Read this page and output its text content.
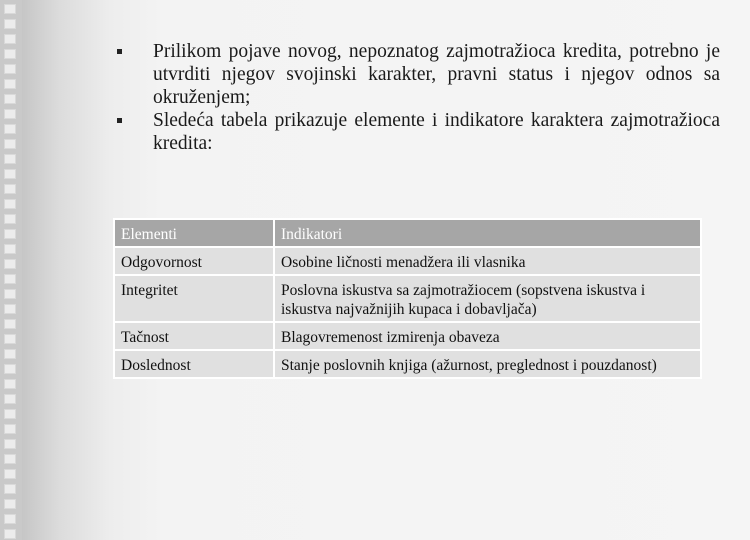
Prilikom pojave novog, nepoznatog zajmotražioca kredita, potrebno je utvrditi njegov svojinski karakter, pravni status i njegov odnos sa okruženjem;
Sledeća tabela prikazuje elemente i indikatore karaktera zajmotražioca kredita:
Elementi	Indikatori
Odgovornost	Osobine ličnosti menadžera ili vlasnika
Integritet	Poslovna iskustva sa zajmotražiocem (sopstvena iskustva i iskustva najvažnijih kupaca i dobavljača)
Tačnost	Blagovremenost izmirenja obaveza
Doslednost	Stanje poslovnih knjiga (ažurnost, preglednost i pouzdanost)
